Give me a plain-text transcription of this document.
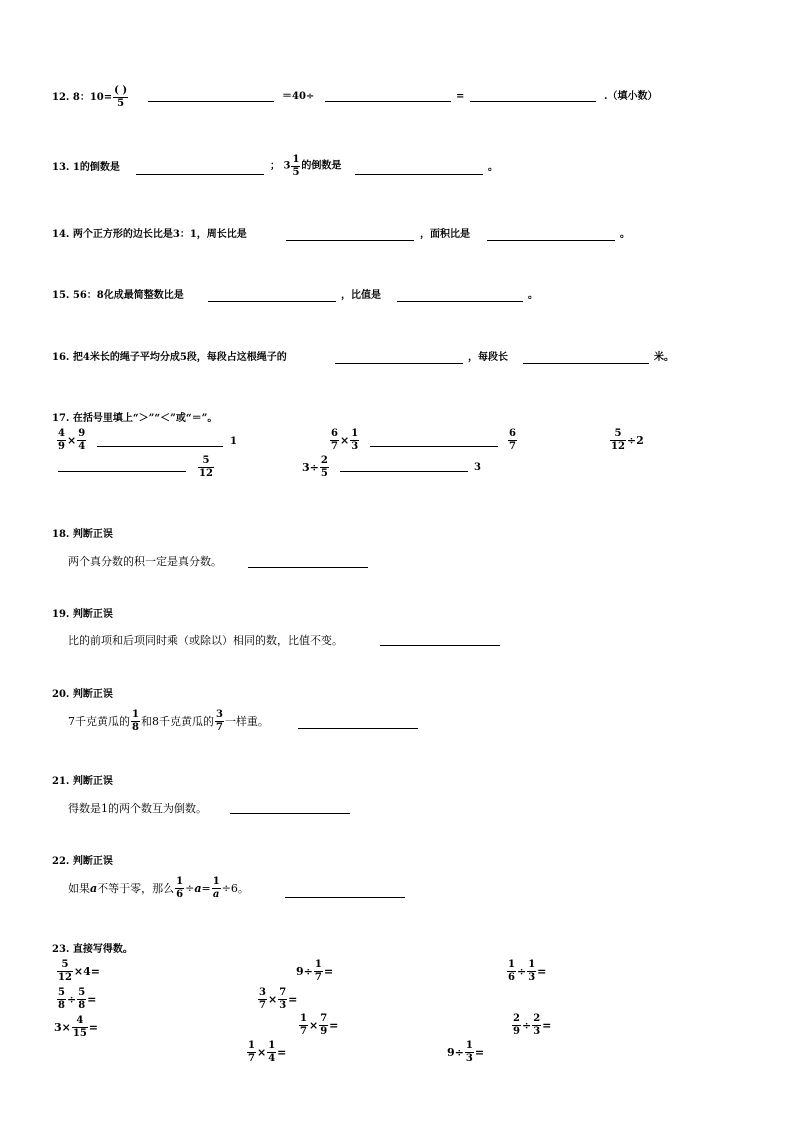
12. 8：$10= \frac{( )}{5}$	＝40÷	=	.（填小数）
13. 1的倒数是	； $3 \frac{1}{5}$ 的倒数是	。
14. 两个正方形的边长比是3：1，周长比是	，面积比是	。
15. 56：8化成最简整数比是	，比值是	。
16. 把4米长的绳子平均分成5段，每段占这根绳子的	，每段长	米。
17. 在括号里填上“＞”“＜”或“＝”。
$\frac{4}{9} \times \frac{9}{4}$	1	$\frac{6}{7} \times \frac{1}{3}$	$\frac{6}{7}$	$\frac{5}{12} \div 2$
$\frac{5}{12}$	$3\div \frac{2}{5}$	3
18. 判断正误
两个真分数的积一定是真分数。
19. 判断正误
比的前项和后项同时乘（或除以）相同的数，比值不变。
20. 判断正误
7千克黄瓜的 $\frac{1}{8}$ 和8千克黄瓜的 $\frac{3}{7}$ 一样重。
21. 判断正误
得数是1的两个数互为倒数。
22. 判断正误
如果a不等于零，那么 $\frac{1}{6} \div a= \frac{1}{a} \div 6$。
23. 直接写得数。
$\frac{5}{12} \times 4=$	$9\div \frac{1}{7}$ =	$\frac{1}{6} \div \frac{1}{3}$ =
$\frac{5}{8} \div \frac{5}{8}$ =	$\frac{3}{7} \times \frac{7}{3}$ =
$3\times \frac{4}{15}$ =	$\frac{1}{7} \times \frac{7}{9}$ =	$\frac{2}{9} \div \frac{2}{3}$ =
$\frac{1}{7} \times \frac{1}{4}$ =	$9\div \frac{1}{3}$ =
